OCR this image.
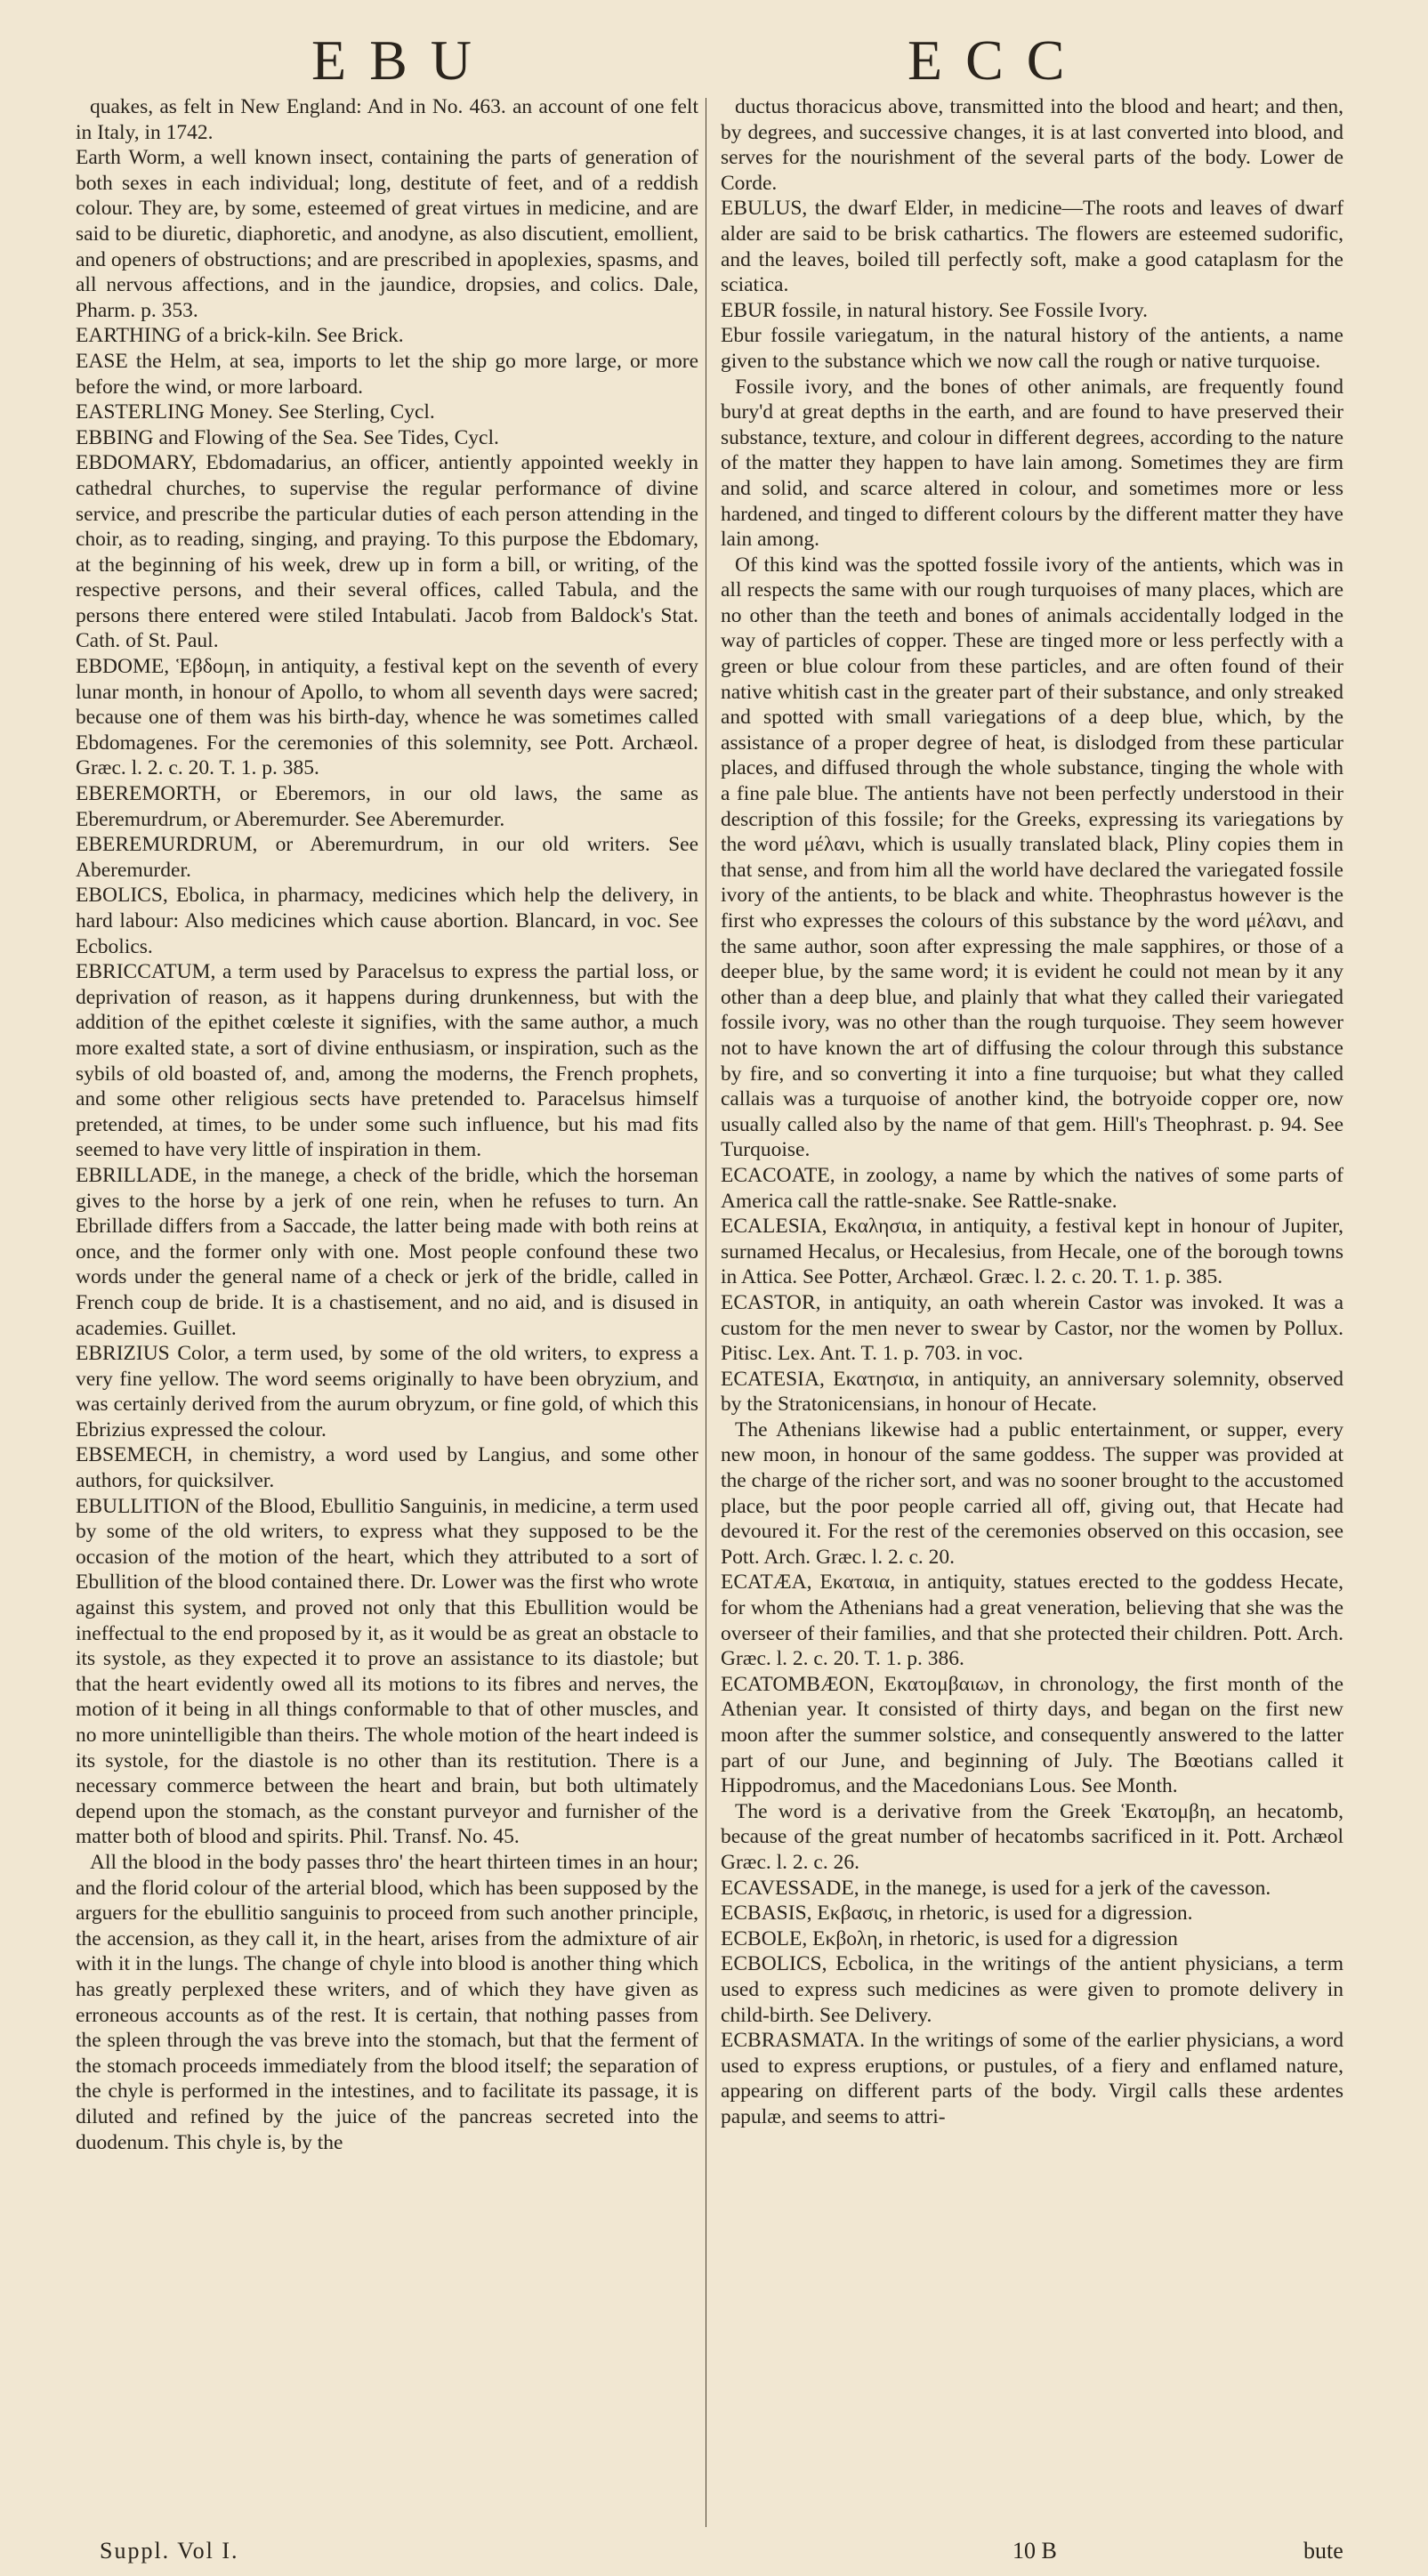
EBU	ECC

quakes, as felt in New England: And in No. 463. an account of one felt in Italy, in 1742.

Earth Worm, a well known insect, containing the parts of generation of both sexes in each individual; long, destitute of feet, and of a reddish colour. They are, by some, esteemed of great virtues in medicine, and are said to be diuretic, diaphoretic, and anodyne, as also discutient, emollient, and openers of obstructions; and are prescribed in apoplexies, spasms, and all nervous affections, and in the jaundice, dropsies, and colics. Dale, Pharm. p. 353.

EARTHING of a brick-kiln. See Brick.

EASE the Helm, at sea, imports to let the ship go more large, or more before the wind, or more larboard.

EASTERLING Money. See Sterling, Cycl.

EBBING and Flowing of the Sea. See Tides, Cycl.

EBDOMARY, Ebdomadarius, an officer, antiently appointed weekly in cathedral churches, to supervise the regular performance of divine service, and prescribe the particular duties of each person attending in the choir, as to reading, singing, and praying. To this purpose the Ebdomary, at the beginning of his week, drew up in form a bill, or writing, of the respective persons, and their several offices, called Tabula, and the persons there entered were stiled Intabulati. Jacob from Baldock's Stat. Cath. of St. Paul.

EBDOME, Ἑβδομη, in antiquity, a festival kept on the seventh of every lunar month, in honour of Apollo, to whom all seventh days were sacred; because one of them was his birth-day, whence he was sometimes called Ebdomagenes. For the ceremonies of this solemnity, see Pott. Archæol. Græc. l. 2. c. 20. T. 1. p. 385.

EBEREMORTH, or Eberemors, in our old laws, the same as Eberemurdrum, or Aberemurder. See Aberemurder.

EBEREMURDRUM, or Aberemurdrum, in our old writers. See Aberemurder.

EBOLICS, Ebolica, in pharmacy, medicines which help the delivery, in hard labour: Also medicines which cause abortion. Blancard, in voc. See Ecbolics.

EBRICCATUM, a term used by Paracelsus to express the partial loss, or deprivation of reason, as it happens during drunkenness, but with the addition of the epithet cœleste it signifies, with the same author, a much more exalted state, a sort of divine enthusiasm, or inspiration, such as the sybils of old boasted of, and, among the moderns, the French prophets, and some other religious sects have pretended to. Paracelsus himself pretended, at times, to be under some such influence, but his mad fits seemed to have very little of inspiration in them.

EBRILLADE, in the manege, a check of the bridle, which the horseman gives to the horse by a jerk of one rein, when he refuses to turn. An Ebrillade differs from a Saccade, the latter being made with both reins at once, and the former only with one. Most people confound these two words under the general name of a check or jerk of the bridle, called in French coup de bride. It is a chastisement, and no aid, and is disused in academies. Guillet.

EBRIZIUS Color, a term used, by some of the old writers, to express a very fine yellow. The word seems originally to have been obryzium, and was certainly derived from the aurum obryzum, or fine gold, of which this Ebrizius expressed the colour.

EBSEMECH, in chemistry, a word used by Langius, and some other authors, for quicksilver.

EBULLITION of the Blood, Ebullitio Sanguinis, in medicine, a term used by some of the old writers, to express what they supposed to be the occasion of the motion of the heart, which they attributed to a sort of Ebullition of the blood contained there. Dr. Lower was the first who wrote against this system, and proved not only that this Ebullition would be ineffectual to the end proposed by it, as it would be as great an obstacle to its systole, as they expected it to prove an assistance to its diastole; but that the heart evidently owed all its motions to its fibres and nerves, the motion of it being in all things conformable to that of other muscles, and no more unintelligible than theirs. The whole motion of the heart indeed is its systole, for the diastole is no other than its restitution. There is a necessary commerce between the heart and brain, but both ultimately depend upon the stomach, as the constant purveyor and furnisher of the matter both of blood and spirits. Phil. Transf. No. 45.

All the blood in the body passes thro' the heart thirteen times in an hour; and the florid colour of the arterial blood, which has been supposed by the arguers for the ebullitio sanguinis to proceed from such another principle, the accension, as they call it, in the heart, arises from the admixture of air with it in the lungs. The change of chyle into blood is another thing which has greatly perplexed these writers, and of which they have given as erroneous accounts as of the rest. It is certain, that nothing passes from the spleen through the vas breve into the stomach, but that the ferment of the stomach proceeds immediately from the blood itself; the separation of the chyle is performed in the intestines, and to facilitate its passage, it is diluted and refined by the juice of the pancreas secreted into the duodenum. This chyle is, by the

ductus thoracicus above, transmitted into the blood and heart; and then, by degrees, and successive changes, it is at last converted into blood, and serves for the nourishment of the several parts of the body. Lower de Corde.

EBULUS, the dwarf Elder, in medicine—The roots and leaves of dwarf alder are said to be brisk cathartics. The flowers are esteemed sudorific, and the leaves, boiled till perfectly soft, make a good cataplasm for the sciatica.

EBUR fossile, in natural history. See Fossile Ivory.

Ebur fossile variegatum, in the natural history of the antients, a name given to the substance which we now call the rough or native turquoise.

Fossile ivory, and the bones of other animals, are frequently found bury'd at great depths in the earth, and are found to have preserved their substance, texture, and colour in different degrees, according to the nature of the matter they happen to have lain among. Sometimes they are firm and solid, and scarce altered in colour, and sometimes more or less hardened, and tinged to different colours by the different matter they have lain among.

Of this kind was the spotted fossile ivory of the antients, which was in all respects the same with our rough turquoises of many places, which are no other than the teeth and bones of animals accidentally lodged in the way of particles of copper. These are tinged more or less perfectly with a green or blue colour from these particles, and are often found of their native whitish cast in the greater part of their substance, and only streaked and spotted with small variegations of a deep blue, which, by the assistance of a proper degree of heat, is dislodged from these particular places, and diffused through the whole substance, tinging the whole with a fine pale blue. The antients have not been perfectly understood in their description of this fossile; for the Greeks, expressing its variegations by the word μέλανι, which is usually translated black, Pliny copies them in that sense, and from him all the world have declared the variegated fossile ivory of the antients, to be black and white. Theophrastus however is the first who expresses the colours of this substance by the word μέλανι, and the same author, soon after expressing the male sapphires, or those of a deeper blue, by the same word; it is evident he could not mean by it any other than a deep blue, and plainly that what they called their variegated fossile ivory, was no other than the rough turquoise. They seem however not to have known the art of diffusing the colour through this substance by fire, and so converting it into a fine turquoise; but what they called callais was a turquoise of another kind, the botryoide copper ore, now usually called also by the name of that gem. Hill's Theophrast. p. 94. See Turquoise.

ECACOATE, in zoology, a name by which the natives of some parts of America call the rattle-snake. See Rattle-snake.

ECALESIA, Εκαλησια, in antiquity, a festival kept in honour of Jupiter, surnamed Hecalus, or Hecalesius, from Hecale, one of the borough towns in Attica. See Potter, Archæol. Græc. l. 2. c. 20. T. 1. p. 385.

ECASTOR, in antiquity, an oath wherein Castor was invoked. It was a custom for the men never to swear by Castor, nor the women by Pollux. Pitisc. Lex. Ant. T. 1. p. 703. in voc.

ECATESIA, Εκατησια, in antiquity, an anniversary solemnity, observed by the Stratonicensians, in honour of Hecate.

The Athenians likewise had a public entertainment, or supper, every new moon, in honour of the same goddess. The supper was provided at the charge of the richer sort, and was no sooner brought to the accustomed place, but the poor people carried all off, giving out, that Hecate had devoured it. For the rest of the ceremonies observed on this occasion, see Pott. Arch. Græc. l. 2. c. 20.

ECATÆA, Εκαταια, in antiquity, statues erected to the goddess Hecate, for whom the Athenians had a great veneration, believing that she was the overseer of their families, and that she protected their children. Pott. Arch. Græc. l. 2. c. 20. T. 1. p. 386.

ECATOMBÆON, Εκατομβαιων, in chronology, the first month of the Athenian year. It consisted of thirty days, and began on the first new moon after the summer solstice, and consequently answered to the latter part of our June, and beginning of July. The Bœotians called it Hippodromus, and the Macedonians Lous. See Month.

The word is a derivative from the Greek Ἑκατομβη, an hecatomb, because of the great number of hecatombs sacrificed in it. Pott. Archæol Græc. l. 2. c. 26.

ECAVESSADE, in the manege, is used for a jerk of the cavesson.

ECBASIS, Εκβασις, in rhetoric, is used for a digression.

ECBOLE, Εκβολη, in rhetoric, is used for a digression

ECBOLICS, Ecbolica, in the writings of the antient physicians, a term used to express such medicines as were given to promote delivery in child-birth. See Delivery.

ECBRASMATA. In the writings of some of the earlier physicians, a word used to express eruptions, or pustules, of a fiery and enflamed nature, appearing on different parts of the body. Virgil calls these ardentes papulæ, and seems to attri-

Suppl. Vol I.	10 B	bute
